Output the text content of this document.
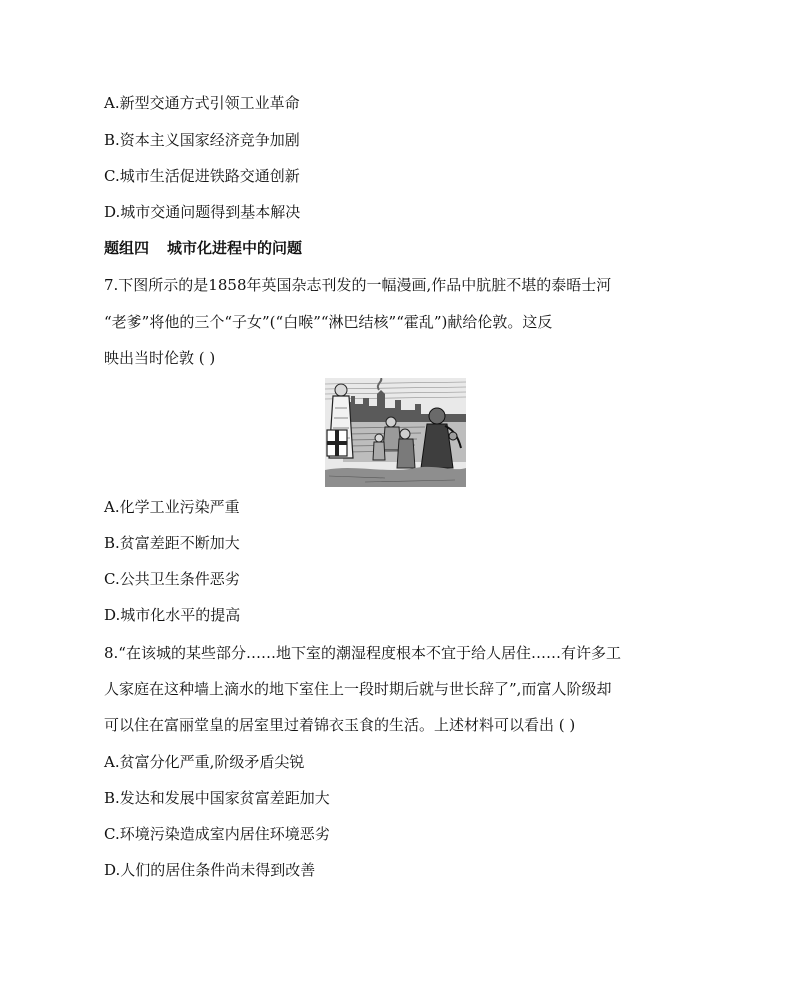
A.新型交通方式引领工业革命
B.资本主义国家经济竞争加剧
C.城市生活促进铁路交通创新
D.城市交通问题得到基本解决
题组四 城市化进程中的问题
7.下图所示的是1858年英国杂志刊发的一幅漫画,作品中肮脏不堪的泰晤士河
“老爹”将他的三个“子女”(“白喉”“淋巴结核”“霍乱”)献给伦敦。这反
映出当时伦敦 ( )
A.化学工业污染严重
B.贫富差距不断加大
C.公共卫生条件恶劣
D.城市化水平的提高
8.“在该城的某些部分……地下室的潮湿程度根本不宜于给人居住……有许多工
人家庭在这种墙上滴水的地下室住上一段时期后就与世长辞了”,而富人阶级却
可以住在富丽堂皇的居室里过着锦衣玉食的生活。上述材料可以看出 ( )
A.贫富分化严重,阶级矛盾尖锐
B.发达和发展中国家贫富差距加大
C.环境污染造成室内居住环境恶劣
D.人们的居住条件尚未得到改善
